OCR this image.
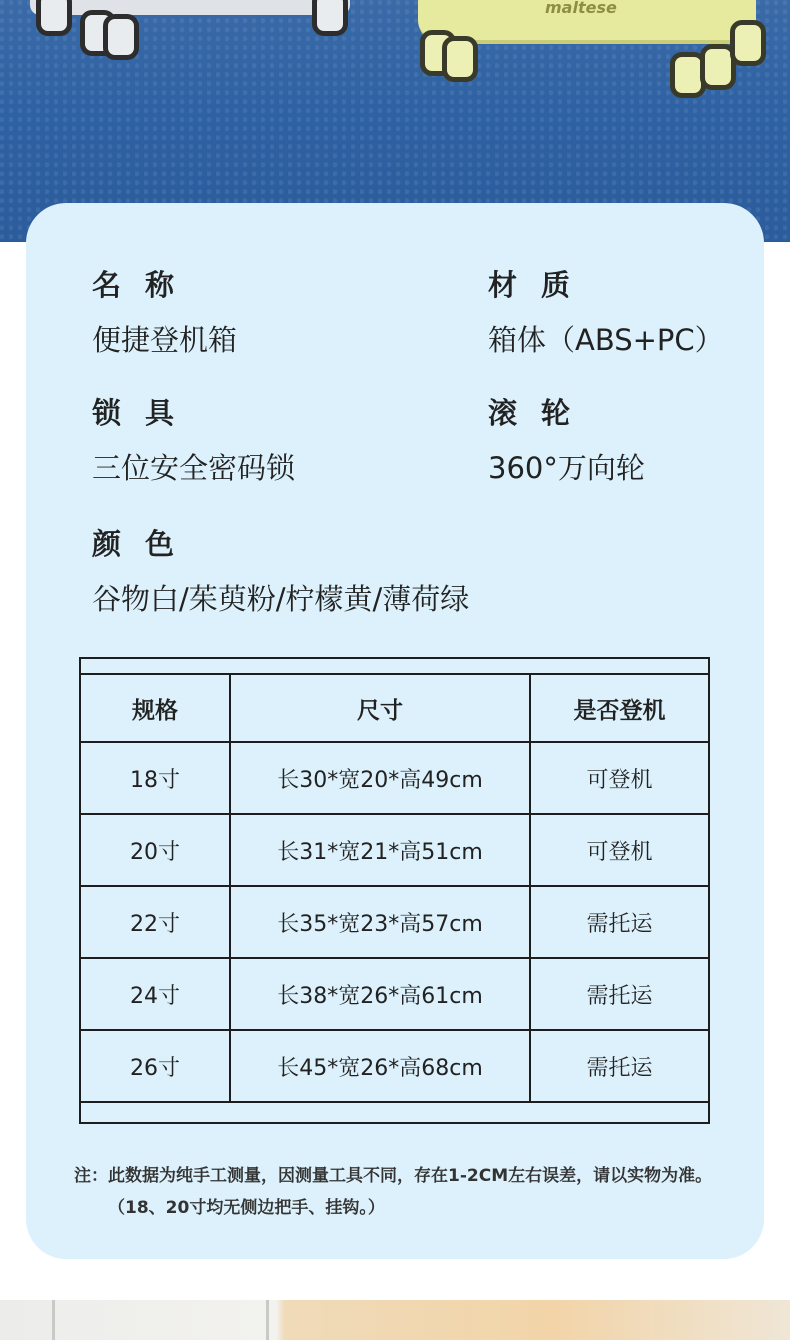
maltese
名称
便捷登机箱
材质
箱体（ABS+PC）
锁具
三位安全密码锁
滚轮
360°万向轮
颜色
谷物白/茱萸粉/柠檬黄/薄荷绿
规格	尺寸	是否登机
18寸	长30*宽20*高49cm	可登机
20寸	长31*宽21*高51cm	可登机
22寸	长35*宽23*高57cm	需托运
24寸	长38*宽26*高61cm	需托运
26寸	长45*宽26*高68cm	需托运
注：此数据为纯手工测量，因测量工具不同，存在1-2CM左右误差，请以实物为准。
（18、20寸均无侧边把手、挂钩。）
